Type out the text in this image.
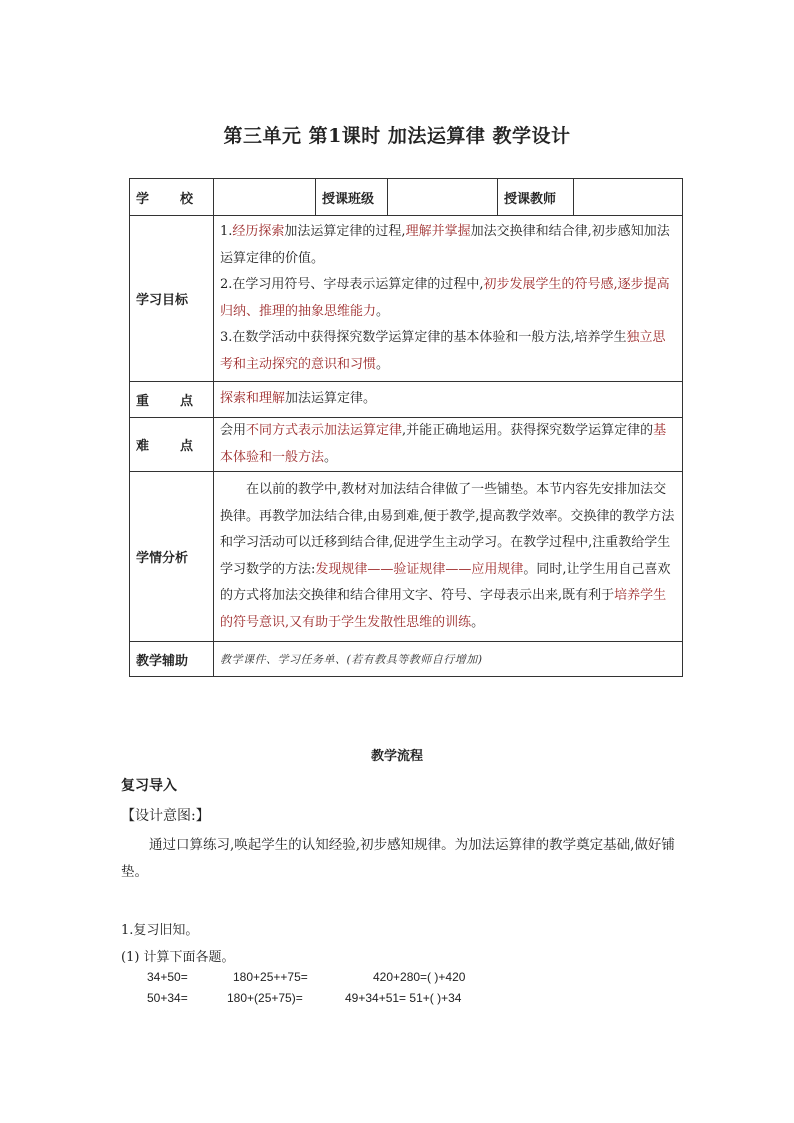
第三单元 第1课时 加法运算律 教学设计
学 校		授课班级		授课教师	
学习目标	1.经历探索加法运算定律的过程,理解并掌握加法交换律和结合律,初步感知加法运算定律的价值。
2.在学习用符号、字母表示运算定律的过程中,初步发展学生的符号感,逐步提高归纳、推理的抽象思维能力。
3.在数学活动中获得探究数学运算定律的基本体验和一般方法,培养学生独立思考和主动探究的意识和习惯。				

重 点	探索和理解加法运算定律。				

难 点	会用不同方式表示加法运算定律,并能正确地运用。获得探究数学运算定律的基本体验和一般方法。				

学情分析	在以前的教学中,教材对加法结合律做了一些铺垫。本节内容先安排加法交换律。再教学加法结合律,由易到难,便于教学,提高教学效率。交换律的教学方法和学习活动可以迁移到结合律,促进学生主动学习。在教学过程中,注重教给学生学习数学的方法:发现规律——验证规律——应用规律。同时,让学生用自己喜欢的方式将加法交换律和结合律用文字、符号、字母表示出来,既有利于培养学生的符号意识,又有助于学生发散性思维的训练。				

教学辅助	教学课件、学习任务单、(若有教具等教师自行增加)				
教学流程
复习导入
【设计意图:】
通过口算练习,唤起学生的认知经验,初步感知规律。为加法运算律的教学奠定基础,做好铺垫。
1.复习旧知。
(1) 计算下面各题。
34+50=	180+25++75=	420+280=( )+420
50+34=	180+(25+75)=	49+34+51= 51+( )+34
